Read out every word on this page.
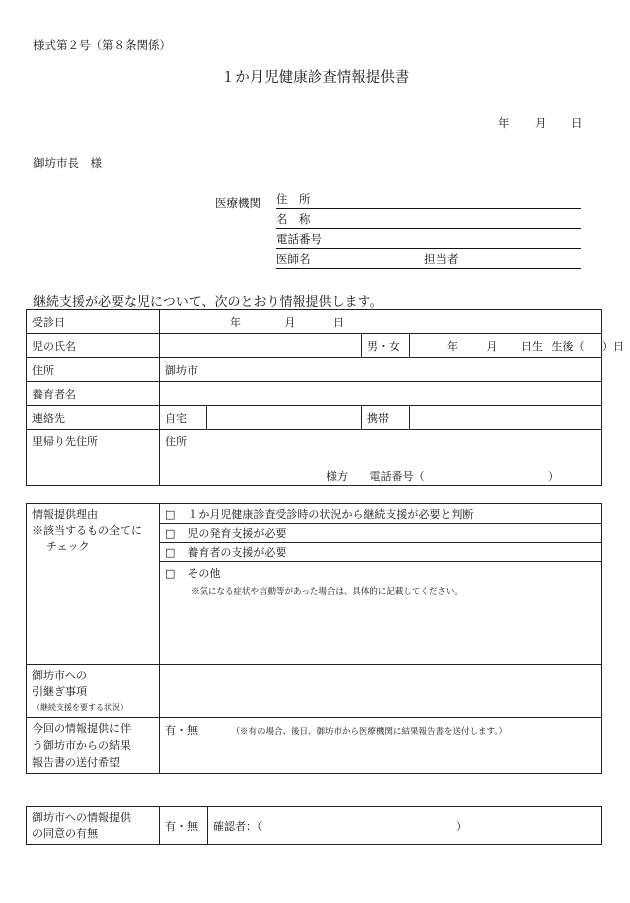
様式第２号（第８条関係）
１か月児健康診査情報提供書
年 月 日
御坊市長　様
医療機関 住　所
名　称
電話番号
医師名	担当者
継続支援が必要な児について、次のとおり情報提供します。
受診日	年 月 日			
児の氏名			男・女	年 月 日生 生後（ ）日
住所	御坊市			
養育者名				
連絡先	自宅		携帯	
里帰り先住所	住所
様方 電話番号（ ）			
情報提供理由
※該当するもの全てに
チェック	□ １か月児健康診査受診時の状況から継続支援が必要と判断
	□ 児の発育支援が必要
	□ 養育者の支援が必要

	□ その他
※気になる症状や言動等があった場合は、具体的に記載してください。

御坊市への
引継ぎ事項
（継続支援を要する状況）	

今回の情報提供に伴
う御坊市からの結果
報告書の送付希望	有・無 （※有の場合、後日、御坊市から医療機関に結果報告書を送付します。）
御坊市への情報提供
の同意の有無
	有・無	確認者：（	）
